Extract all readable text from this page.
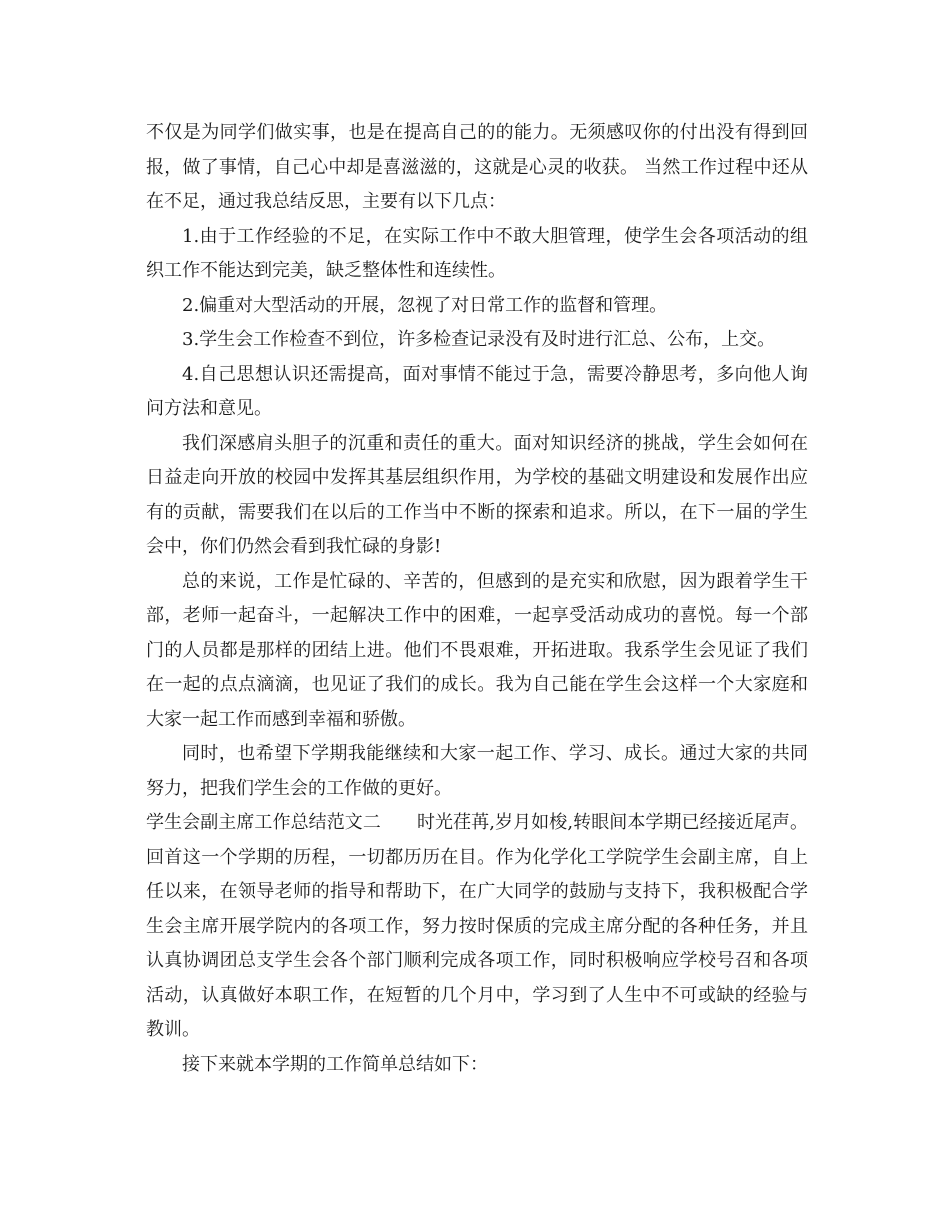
不仅是为同学们做实事，也是在提高自己的的能力。无须感叹你的付出没有得到回报，做了事情，自己心中却是喜滋滋的，这就是心灵的收获。 当然工作过程中还从在不足，通过我总结反思，主要有以下几点：

1.由于工作经验的不足，在实际工作中不敢大胆管理，使学生会各项活动的组织工作不能达到完美，缺乏整体性和连续性。

2.偏重对大型活动的开展，忽视了对日常工作的监督和管理。

3.学生会工作检查不到位，许多检查记录没有及时进行汇总、公布，上交。

4.自己思想认识还需提高，面对事情不能过于急，需要冷静思考，多向他人询问方法和意见。

我们深感肩头胆子的沉重和责任的重大。面对知识经济的挑战，学生会如何在日益走向开放的校园中发挥其基层组织作用，为学校的基础文明建设和发展作出应有的贡献，需要我们在以后的工作当中不断的探索和追求。所以，在下一届的学生会中，你们仍然会看到我忙碌的身影!

总的来说，工作是忙碌的、辛苦的，但感到的是充实和欣慰，因为跟着学生干部，老师一起奋斗，一起解决工作中的困难，一起享受活动成功的喜悦。每一个部门的人员都是那样的团结上进。他们不畏艰难，开拓进取。我系学生会见证了我们在一起的点点滴滴，也见证了我们的成长。我为自己能在学生会这样一个大家庭和大家一起工作而感到幸福和骄傲。

同时，也希望下学期我能继续和大家一起工作、学习、成长。通过大家的共同努力，把我们学生会的工作做的更好。

学生会副主席工作总结范文二 时光荏苒,岁月如梭,转眼间本学期已经接近尾声。回首这一个学期的历程，一切都历历在目。作为化学化工学院学生会副主席，自上任以来，在领导老师的指导和帮助下，在广大同学的鼓励与支持下，我积极配合学生会主席开展学院内的各项工作，努力按时保质的完成主席分配的各种任务，并且认真协调团总支学生会各个部门顺利完成各项工作，同时积极响应学校号召和各项活动，认真做好本职工作，在短暂的几个月中，学习到了人生中不可或缺的经验与教训。

接下来就本学期的工作简单总结如下：
